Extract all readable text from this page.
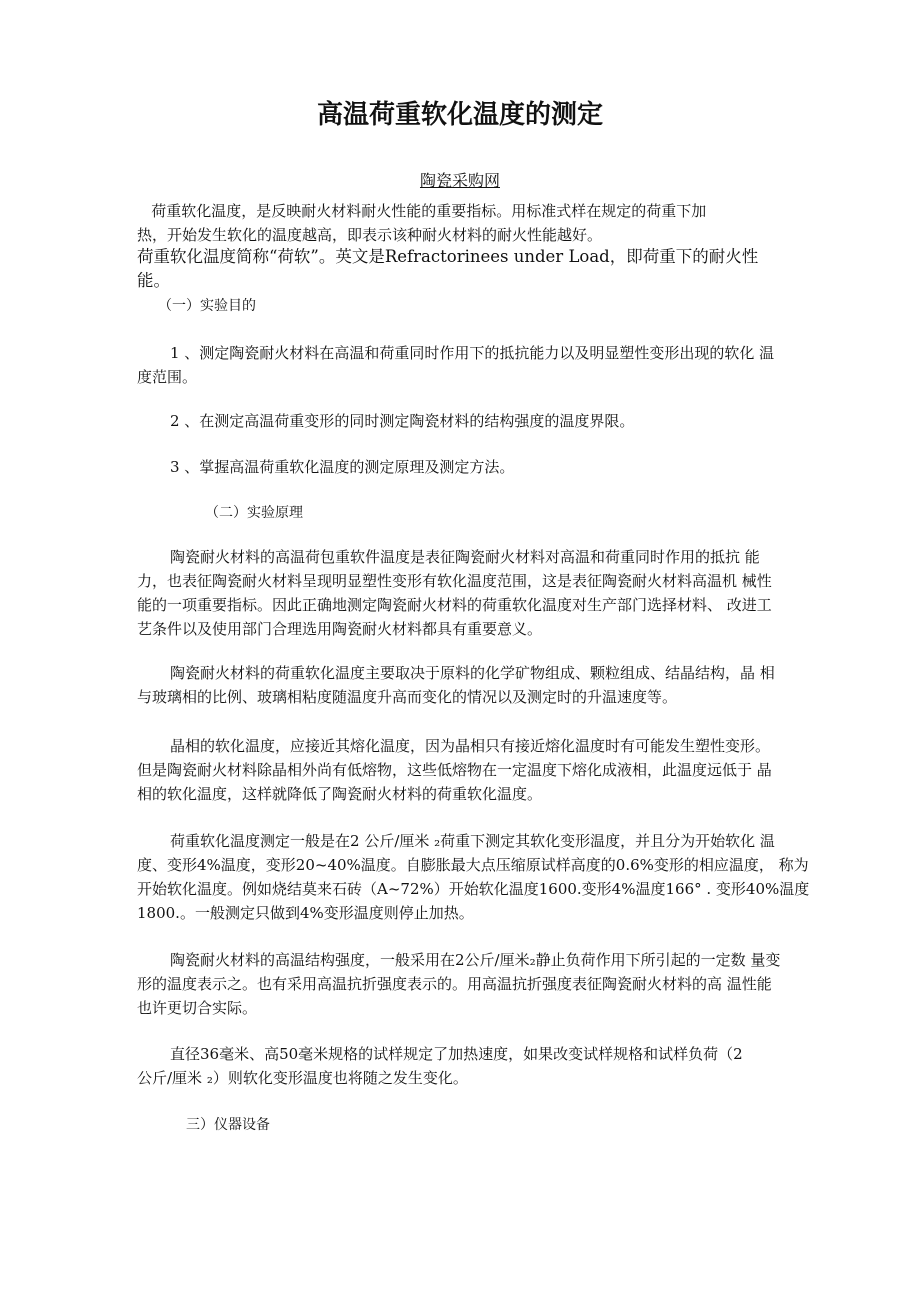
高温荷重软化温度的测定
陶瓷采购网
荷重软化温度，是反映耐火材料耐火性能的重要指标。用标准式样在规定的荷重下加
热，开始发生软化的温度越高，即表示该种耐火材料的耐火性能越好。
荷重软化温度简称“荷软”。英文是Refractorinees under Load，即荷重下的耐火性
能。
（一）实验目的
1 、测定陶瓷耐火材料在高温和荷重同时作用下的抵抗能力以及明显塑性变形出现的软化 温
度范围。
2 、在测定高温荷重变形的同时测定陶瓷材料的结构强度的温度界限。
3 、掌握高温荷重软化温度的测定原理及测定方法。
（二）实验原理
陶瓷耐火材料的高温荷包重软件温度是表征陶瓷耐火材料对高温和荷重同时作用的抵抗 能
力，也表征陶瓷耐火材料呈现明显塑性变形有软化温度范围，这是表征陶瓷耐火材料高温机 械性
能的一项重要指标。因此正确地测定陶瓷耐火材料的荷重软化温度对生产部门选择材料、 改进工
艺条件以及使用部门合理选用陶瓷耐火材料都具有重要意义。
陶瓷耐火材料的荷重软化温度主要取决于原料的化学矿物组成、颗粒组成、结晶结构，晶 相
与玻璃相的比例、玻璃相粘度随温度升高而变化的情况以及测定时的升温速度等。
晶相的软化温度，应接近其熔化温度，因为晶相只有接近熔化温度时有可能发生塑性变形。
但是陶瓷耐火材料除晶相外尚有低熔物，这些低熔物在一定温度下熔化成液相，此温度远低于 晶
相的软化温度，这样就降低了陶瓷耐火材料的荷重软化温度。
荷重软化温度测定一般是在2 公斤/厘米 ₂荷重下测定其软化变形温度，并且分为开始软化 温
度、变形4%温度，变形20~40%温度。自膨胀最大点压缩原试样高度的0.6%变形的相应温度， 称为
开始软化温度。例如烧结莫来石砖（A~72%）开始软化温度1600.变形4%温度166° . 变形40%温度
1800.。一般测定只做到4%变形温度则停止加热。
陶瓷耐火材料的高温结构强度，一般采用在2公斤/厘米₂静止负荷作用下所引起的一定数 量变
形的温度表示之。也有采用高温抗折强度表示的。用高温抗折强度表征陶瓷耐火材料的高 温性能
也许更切合实际。
直径36毫米、高50毫米规格的试样规定了加热速度，如果改变试样规格和试样负荷（2
公斤/厘米 ₂）则软化变形温度也将随之发生变化。
三）仪器设备
